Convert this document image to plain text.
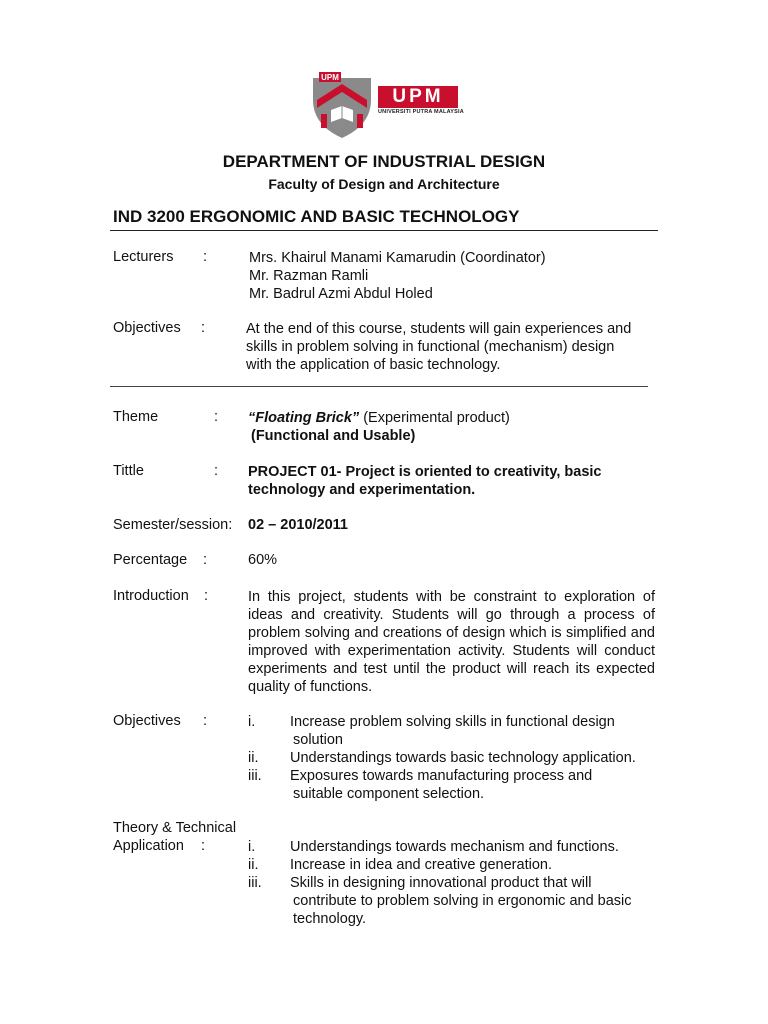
UPM
UPM
UNIVERSITI PUTRA MALAYSIA
DEPARTMENT OF INDUSTRIAL DESIGN
Faculty of Design and Architecture
IND 3200 ERGONOMIC AND BASIC TECHNOLOGY
Lecturers :	Mrs. Khairul Manami Kamarudin (Coordinator)

Mr. Razman Ramli

Mr. Badrul Azmi Abdul Holed

Objectives :	At the end of this course, students will gain experiences and

skills in problem solving in functional (mechanism) design

with the application of basic technology.

Theme	: “Floating Brick” (Experimental product)

(Functional and Usable)

Tittle	: PROJECT 01- Project is oriented to creativity, basic

technology and experimentation.

Semester/session: 02 – 2010/2011
Percentage :	60%
Introduction :	In this project, students with be constraint to exploration of ideas and creativity. Students will go through a process of problem solving and creations of design which is simplified and improved with experimentation activity. Students will conduct experiments and test until the product will reach its expected quality of functions.

Objectives :	i. Increase problem solving skills in functional design

solution

ii. Understandings towards basic technology application.

iii. Exposures towards manufacturing process and

suitable component selection.

Theory & Technical
Application :	i. Understandings towards mechanism and functions.

ii. Increase in idea and creative generation.

iii. Skills in designing innovational product that will

contribute to problem solving in ergonomic and basic

technology.
